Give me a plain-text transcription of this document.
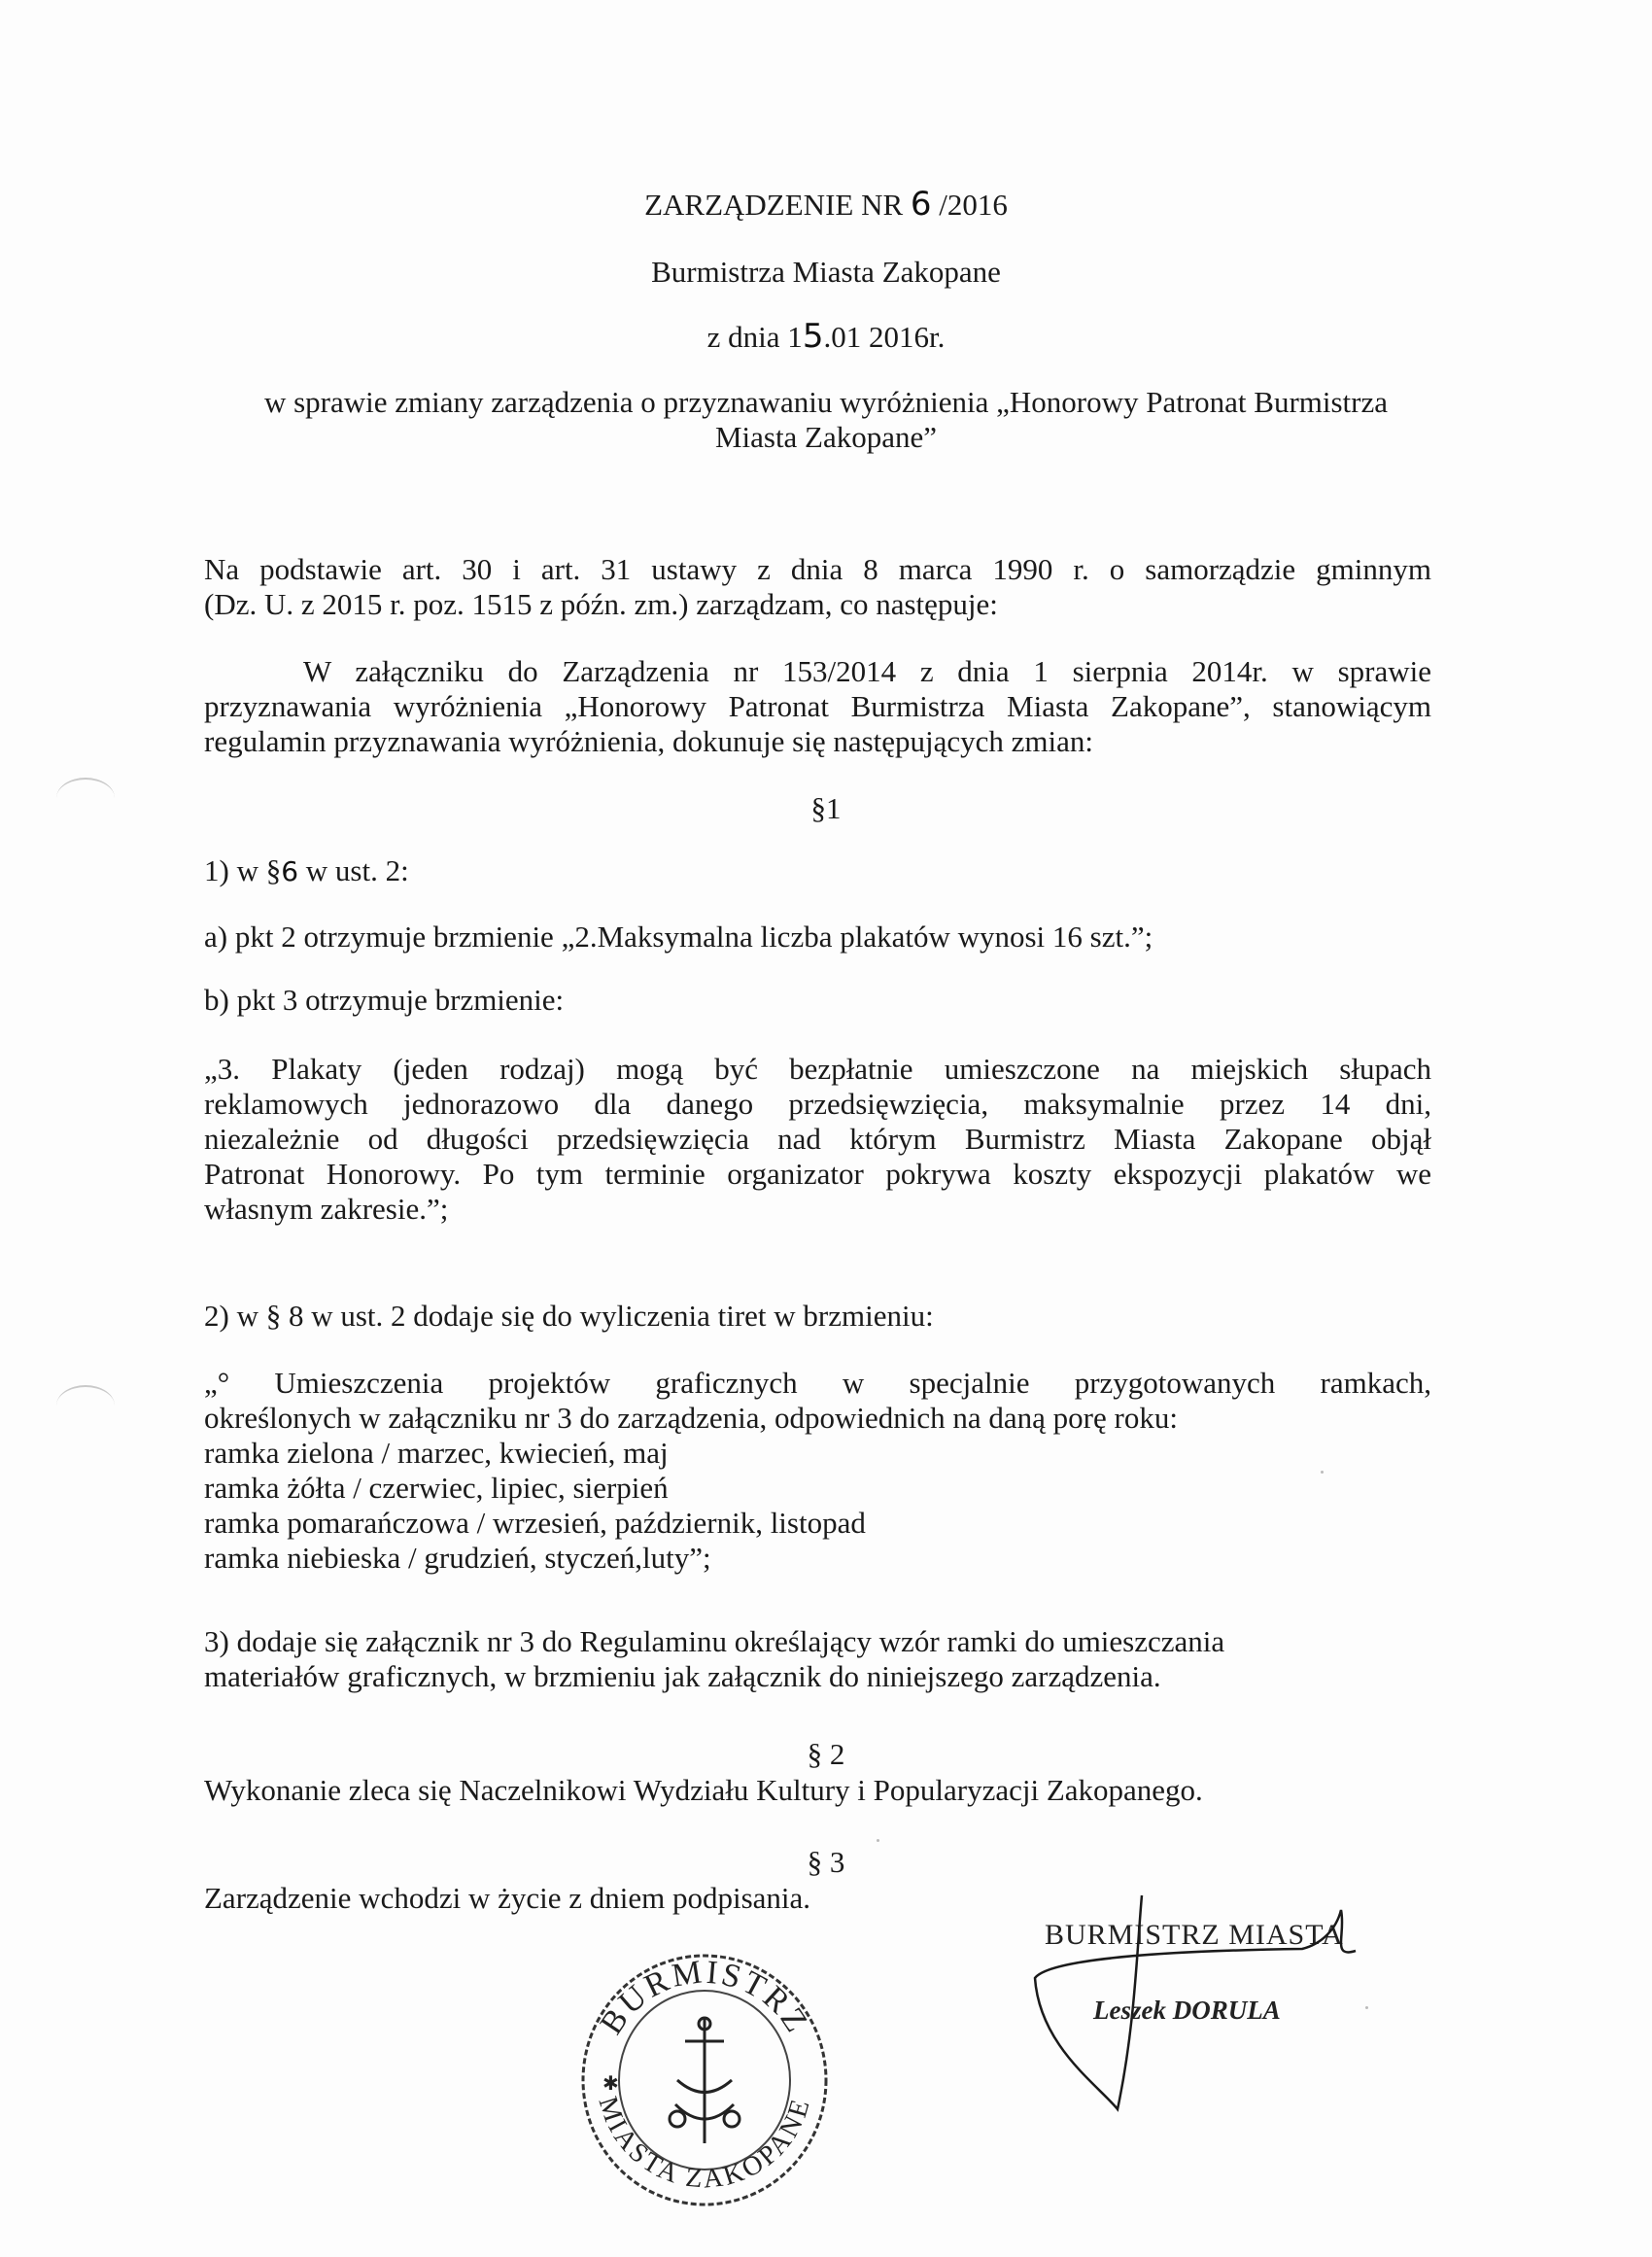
ZARZĄDZENIE NR 6 /2016
Burmistrza Miasta Zakopane
z dnia 15.01 2016r.
w sprawie zmiany zarządzenia o przyznawaniu wyróżnienia „Honorowy Patronat Burmistrza
Miasta Zakopane”
Na podstawie art. 30 i art. 31 ustawy z dnia 8 marca 1990 r. o samorządzie gminnym
(Dz. U. z 2015 r. poz. 1515 z późn. zm.) zarządzam, co następuje:
W załączniku do Zarządzenia nr 153/2014 z dnia 1 sierpnia 2014r. w sprawie
przyznawania wyróżnienia „Honorowy Patronat Burmistrza Miasta Zakopane”, stanowiącym
regulamin przyznawania wyróżnienia, dokunuje się następujących zmian:
§1
1) w §6 w ust. 2:
a) pkt 2 otrzymuje brzmienie „2.Maksymalna liczba plakatów wynosi 16 szt.”;
b) pkt 3 otrzymuje brzmienie:
„3. Plakaty (jeden rodzaj) mogą być bezpłatnie umieszczone na miejskich słupach
reklamowych jednorazowo dla danego przedsięwzięcia, maksymalnie przez 14 dni,
niezależnie od długości przedsięwzięcia nad którym Burmistrz Miasta Zakopane objął
Patronat Honorowy. Po tym terminie organizator pokrywa koszty ekspozycji plakatów we
własnym zakresie.”;
2) w § 8 w ust. 2 dodaje się do wyliczenia tiret w brzmieniu:
„° Umieszczenia projektów graficznych w specjalnie przygotowanych ramkach,
określonych w załączniku nr 3 do zarządzenia, odpowiednich na daną porę roku:
ramka zielona / marzec, kwiecień, maj
ramka żółta / czerwiec, lipiec, sierpień
ramka pomarańczowa / wrzesień, październik, listopad
ramka niebieska / grudzień, styczeń,luty”;
3) dodaje się załącznik nr 3 do Regulaminu określający wzór ramki do umieszczania
materiałów graficznych, w brzmieniu jak załącznik do niniejszego zarządzenia.
§ 2
Wykonanie zleca się Naczelnikowi Wydziału Kultury i Popularyzacji Zakopanego.
§ 3
Zarządzenie wchodzi w życie z dniem podpisania.
BURMISTRZ
MIASTA ZAKOPANE
✱
BURMISTRZ MIASTA
Leszek DORULA
